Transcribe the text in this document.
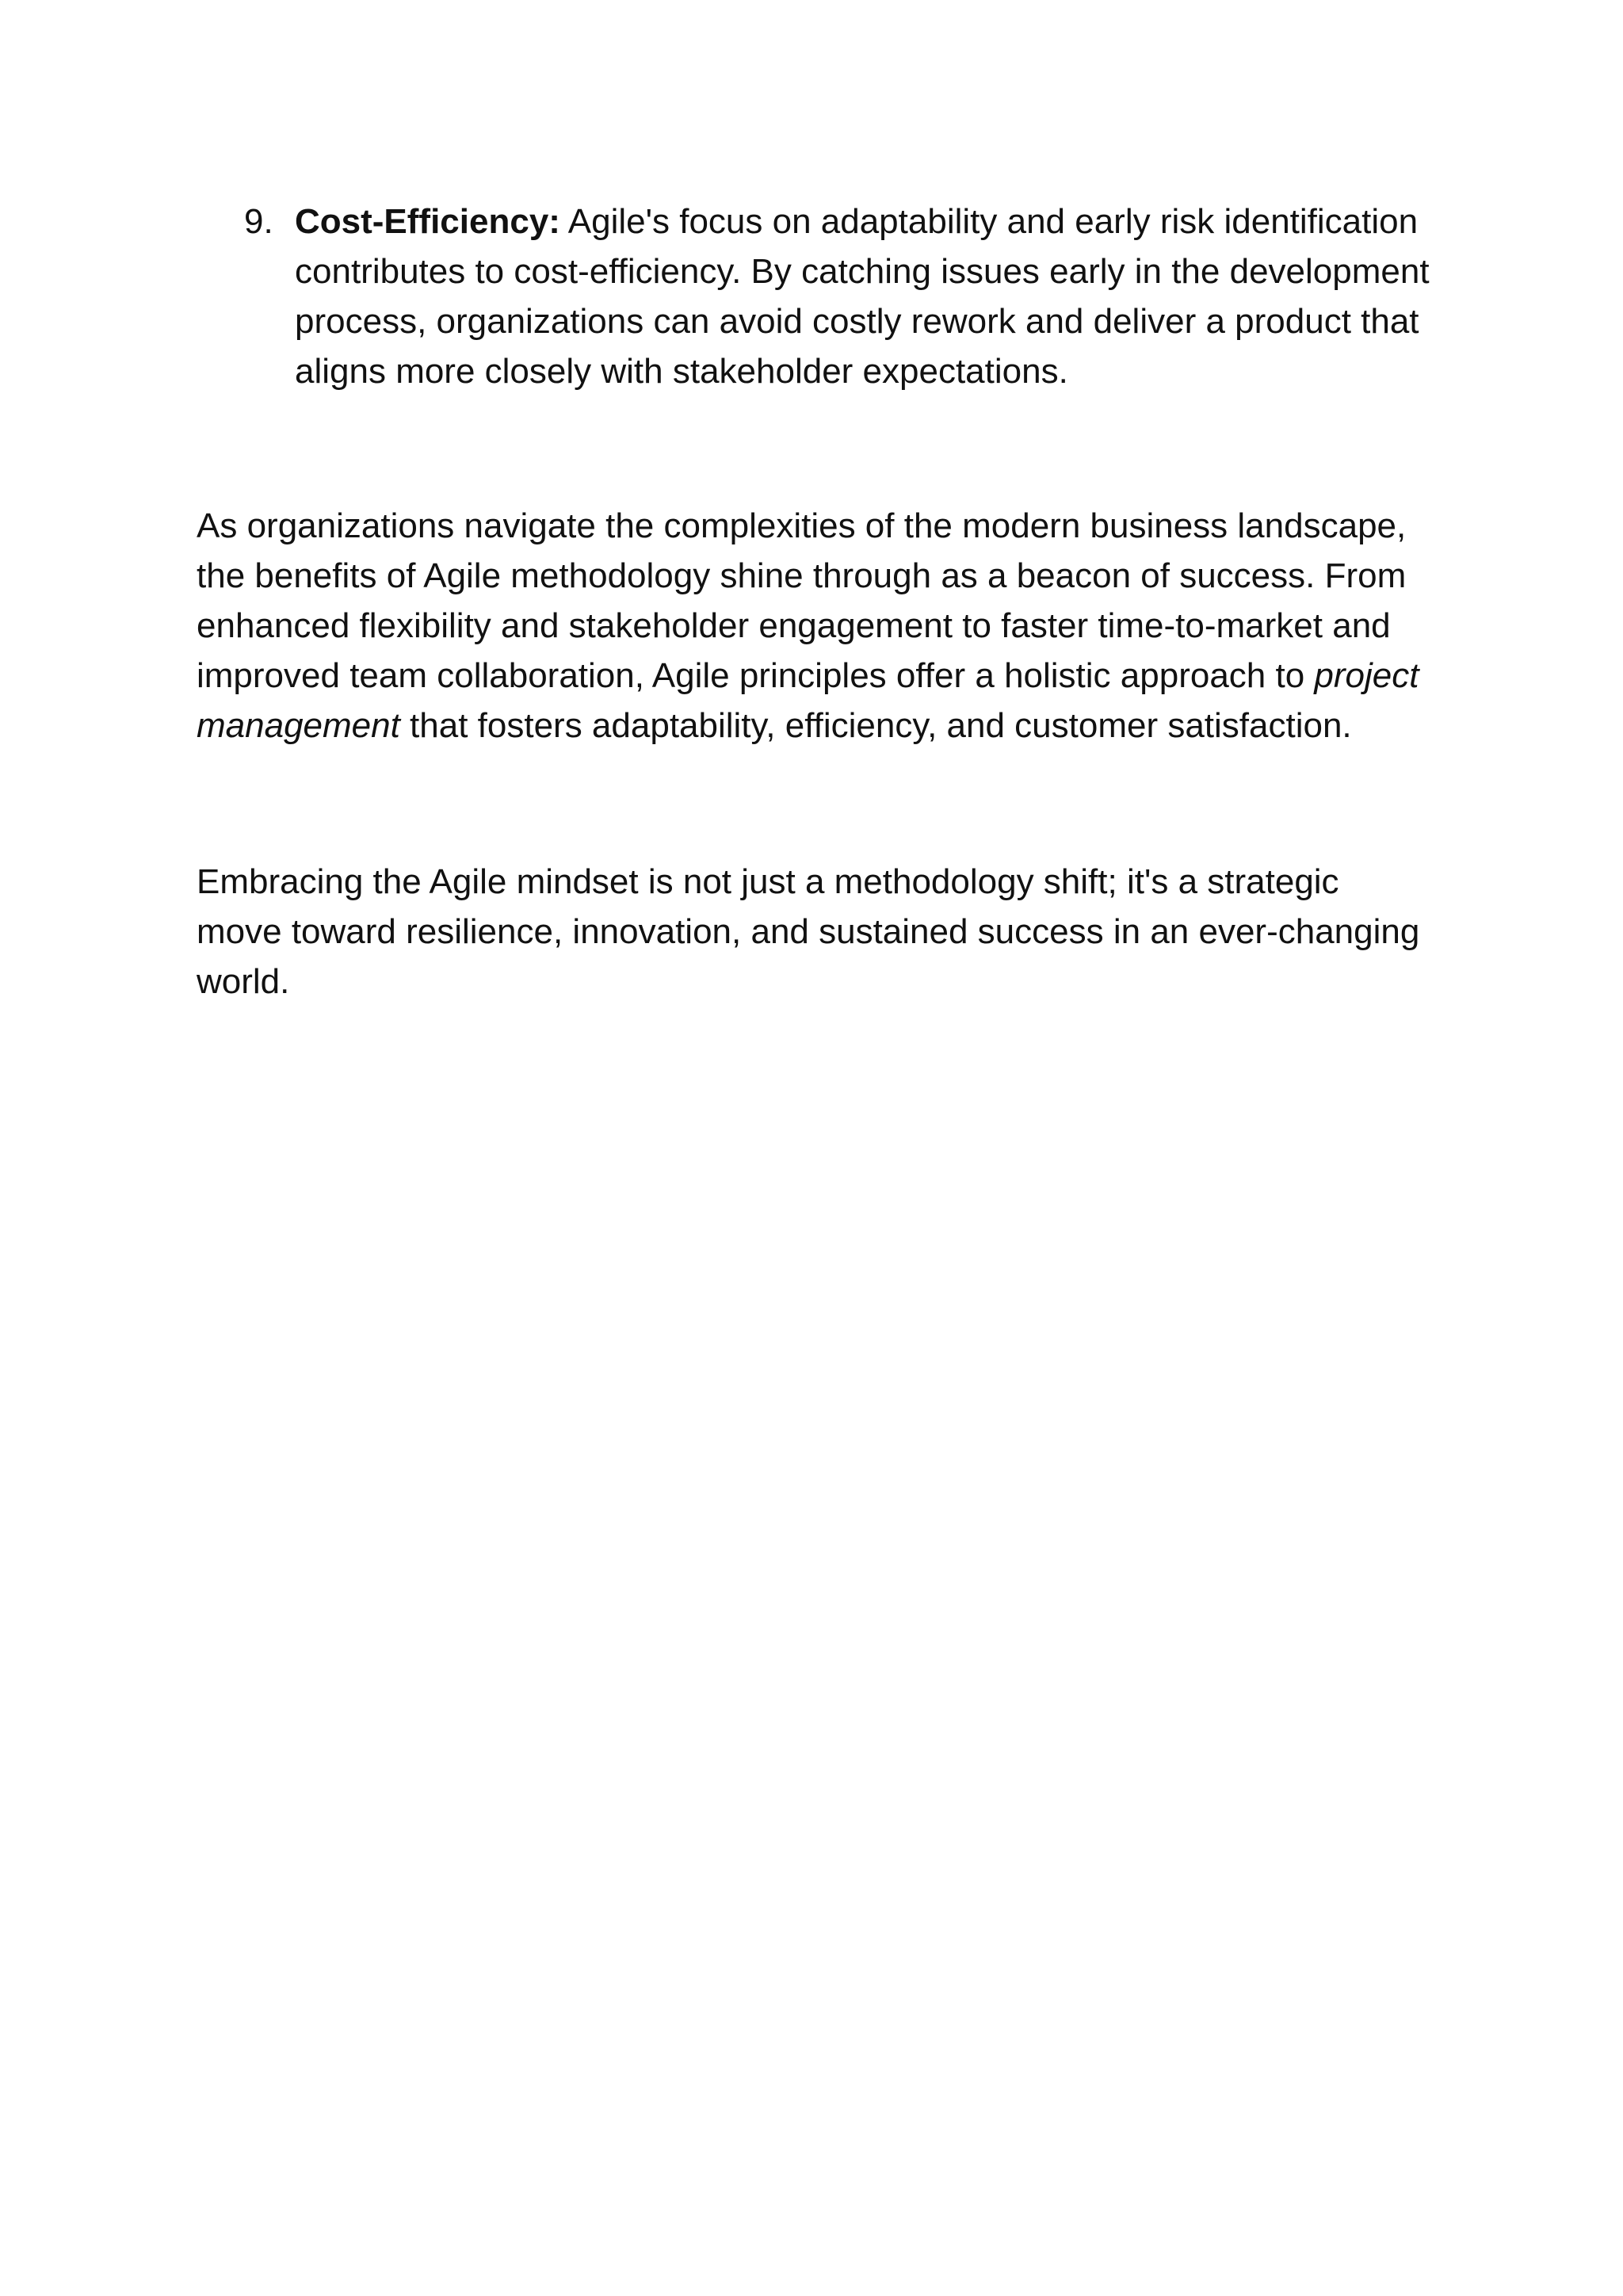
9. Cost-Efficiency: Agile's focus on adaptability and early risk identification contributes to cost-efficiency. By catching issues early in the development process, organizations can avoid costly rework and deliver a product that aligns more closely with stakeholder expectations.

As organizations navigate the complexities of the modern business landscape, the benefits of Agile methodology shine through as a beacon of success. From enhanced flexibility and stakeholder engagement to faster time-to-market and improved team collaboration, Agile principles offer a holistic approach to project management that fosters adaptability, efficiency, and customer satisfaction.

Embracing the Agile mindset is not just a methodology shift; it's a strategic move toward resilience, innovation, and sustained success in an ever-changing world.
